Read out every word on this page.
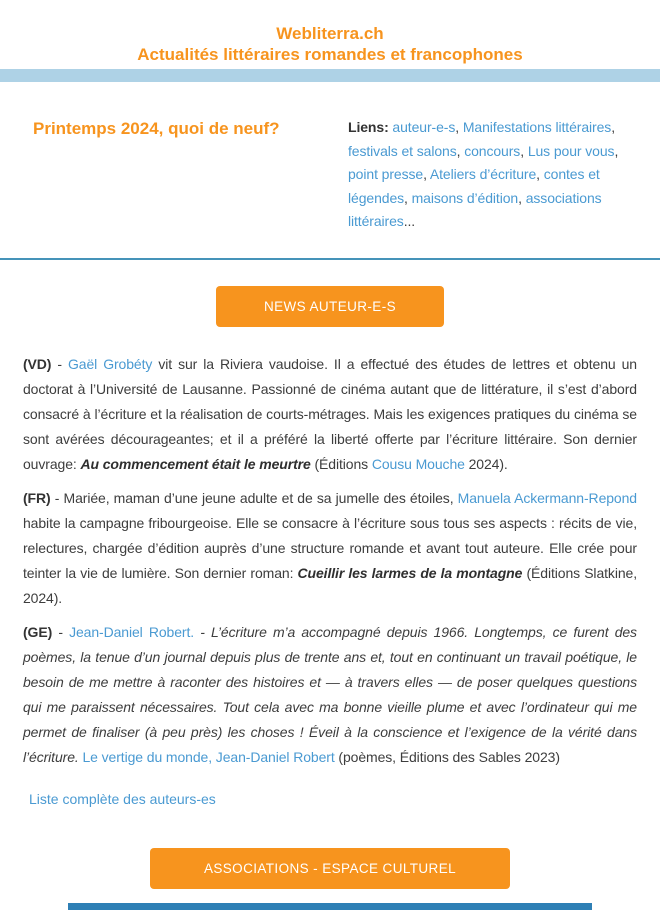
Webliterra.ch
Actualités littéraires romandes et francophones
Printemps 2024, quoi de neuf?	Liens: auteur-e-s, Manifestations littéraires, festivals et salons, concours, Lus pour vous, point presse, Ateliers d’écriture, contes et légendes, maisons d’édition, associations littéraires...
NEWS AUTEUR-E-S

(VD) - Gaël Grobéty vit sur la Riviera vaudoise. Il a effectué des études de lettres et obtenu un doctorat à l’Université de Lausanne. Passionné de cinéma autant que de littérature, il s’est d’abord consacré à l’écriture et la réalisation de courts-métrages. Mais les exigences pratiques du cinéma se sont avérées décourageantes; et il a préféré la liberté offerte par l’écriture littéraire. Son dernier ouvrage: Au commencement était le meurtre (Éditions Cousu Mouche 2024).

(FR) - Mariée, maman d’une jeune adulte et de sa jumelle des étoiles, Manuela Ackermann-Repond habite la campagne fribourgeoise. Elle se consacre à l’écriture sous tous ses aspects : récits de vie, relectures, chargée d’édition auprès d’une structure romande et avant tout auteure. Elle crée pour teinter la vie de lumière. Son dernier roman: Cueillir les larmes de la montagne (Éditions Slatkine, 2024).

(GE) - Jean-Daniel Robert. - L’écriture m’a accompagné depuis 1966. Longtemps, ce furent des poèmes, la tenue d’un journal depuis plus de trente ans et, tout en continuant un travail poétique, le besoin de me mettre à raconter des histoires et — à travers elles — de poser quelques questions qui me paraissent nécessaires. Tout cela avec ma bonne vieille plume et avec l’ordinateur qui me permet de finaliser (à peu près) les choses ! Éveil à la conscience et l’exigence de la vérité dans l’écriture. Le vertige du monde, Jean-Daniel Robert (poèmes, Éditions des Sables 2023)

Liste complète des auteurs-es
ASSOCIATIONS - ESPACE CULTUREL
